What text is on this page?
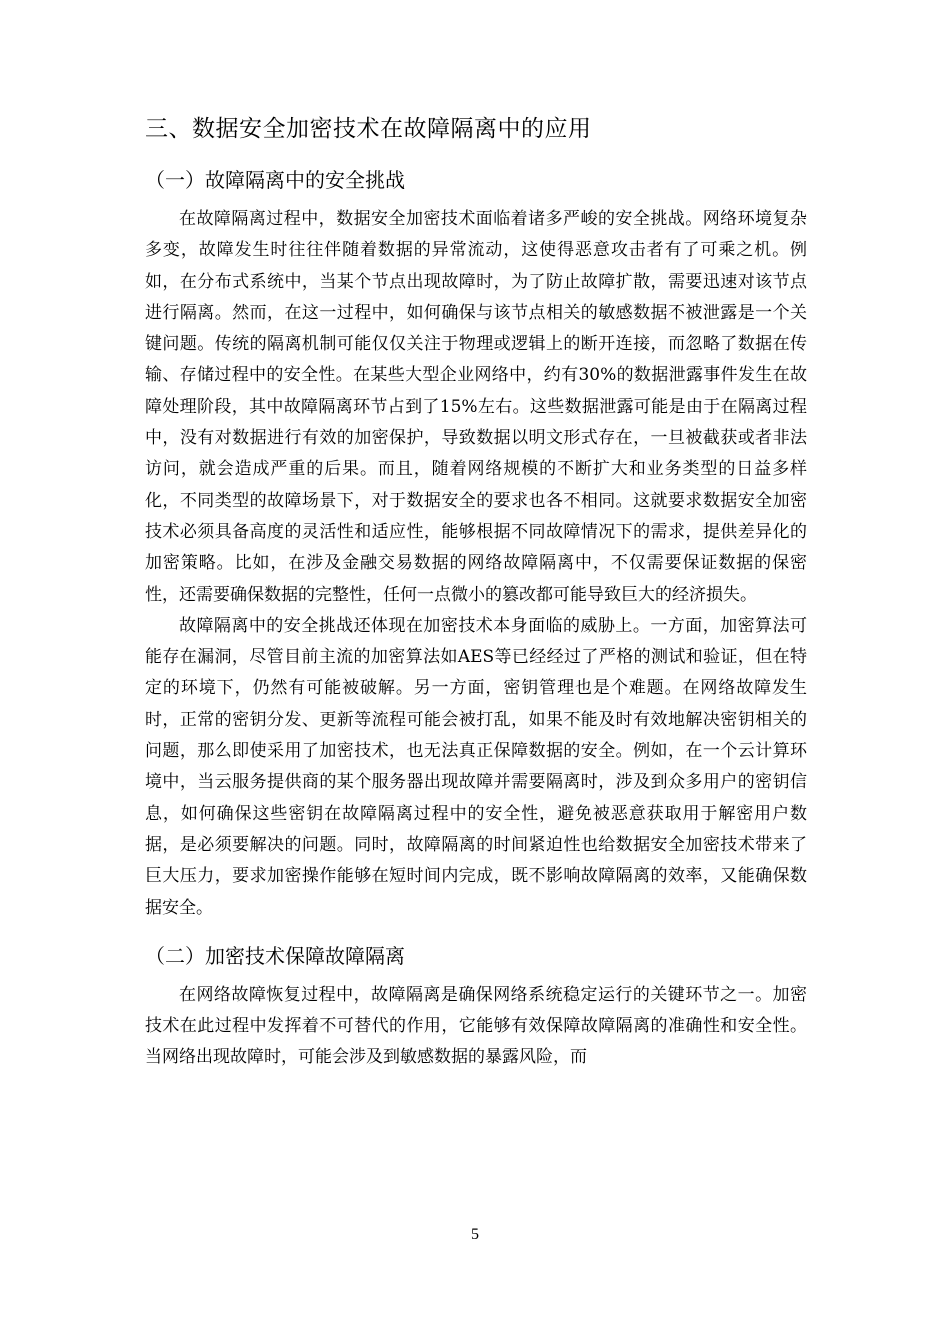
三、数据安全加密技术在故障隔离中的应用
（一）故障隔离中的安全挑战

在故障隔离过程中，数据安全加密技术面临着诸多严峻的安全挑战。网络环境复杂多变，故障发生时往往伴随着数据的异常流动，这使得恶意攻击者有了可乘之机。例如，在分布式系统中，当某个节点出现故障时，为了防止故障扩散，需要迅速对该节点进行隔离。然而，在这一过程中，如何确保与该节点相关的敏感数据不被泄露是一个关键问题。传统的隔离机制可能仅仅关注于物理或逻辑上的断开连接，而忽略了数据在传输、存储过程中的安全性。在某些大型企业网络中，约有30%的数据泄露事件发生在故障处理阶段，其中故障隔离环节占到了15%左右。这些数据泄露可能是由于在隔离过程中，没有对数据进行有效的加密保护，导致数据以明文形式存在，一旦被截获或者非法访问，就会造成严重的后果。而且，随着网络规模的不断扩大和业务类型的日益多样化，不同类型的故障场景下，对于数据安全的要求也各不相同。这就要求数据安全加密技术必须具备高度的灵活性和适应性，能够根据不同故障情况下的需求，提供差异化的加密策略。比如，在涉及金融交易数据的网络故障隔离中，不仅需要保证数据的保密性，还需要确保数据的完整性，任何一点微小的篡改都可能导致巨大的经济损失。

故障隔离中的安全挑战还体现在加密技术本身面临的威胁上。一方面，加密算法可能存在漏洞，尽管目前主流的加密算法如AES等已经经过了严格的测试和验证，但在特定的环境下，仍然有可能被破解。另一方面，密钥管理也是个难题。在网络故障发生时，正常的密钥分发、更新等流程可能会被打乱，如果不能及时有效地解决密钥相关的问题，那么即使采用了加密技术，也无法真正保障数据的安全。例如，在一个云计算环境中，当云服务提供商的某个服务器出现故障并需要隔离时，涉及到众多用户的密钥信息，如何确保这些密钥在故障隔离过程中的安全性，避免被恶意获取用于解密用户数据，是必须要解决的问题。同时，故障隔离的时间紧迫性也给数据安全加密技术带来了巨大压力，要求加密操作能够在短时间内完成，既不影响故障隔离的效率，又能确保数据安全。

（二）加密技术保障故障隔离

在网络故障恢复过程中，故障隔离是确保网络系统稳定运行的关键环节之一。加密技术在此过程中发挥着不可替代的作用，它能够有效保障故障隔离的准确性和安全性。当网络出现故障时，可能会涉及到敏感数据的暴露风险，而

5
